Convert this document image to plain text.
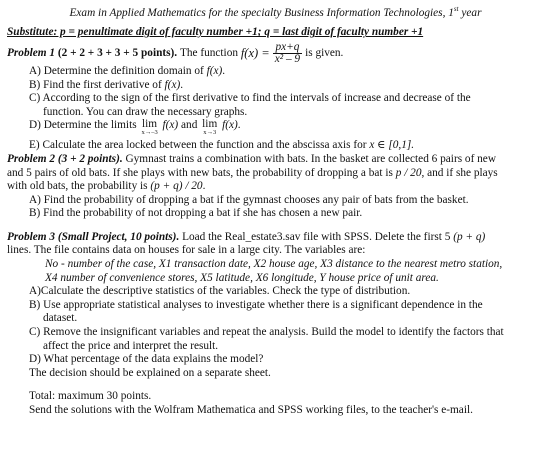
Exam in Applied Mathematics for the specialty Business Information Technologies, 1st year
Substitute: p = penultimate digit of faculty number +1; q = last digit of faculty number +1
Problem 1
(2 + 2 + 3 + 3 + 5 points).
The function
$f(x) = \frac{px+q}{\text{x² – 9}}$ is given.
A) Determine the definition domain of f(x).
B) Find the first derivative of f(x).
C) According to the sign of the first derivative to find the intervals of increase and decrease of the
function. You can draw the necessary graphs.
D) Determine the limits lim
x→–3
f(x) and lim
x→3
f(x).
E) Calculate the area locked between the function and the abscissa axis for x ∈ [0,1].
Problem 2 (3 + 2 points). Gymnast trains a combination with bats. In the basket are collected 6 pairs of new
and 5 pairs of old bats. If she plays with new bats, the probability of dropping a bat is p / 20, and if she plays
with old bats, the probability is (p + q) / 20.
A) Find the probability of dropping a bat if the gymnast chooses any pair of bats from the basket.
B) Find the probability of not dropping a bat if she has chosen a new pair.
Problem 3 (Small Project, 10 points). Load the Real_estate3.sav file with SPSS. Delete the first 5 (p + q)
lines. The file contains data on houses for sale in a large city. The variables are:
No - number of the case, X1 transaction date, X2 house age, X3 distance to the nearest metro station,
X4 number of convenience stores, X5 latitude, X6 longitude, Y house price of unit area.
A)Calculate the descriptive statistics of the variables. Check the type of distribution.
B) Use appropriate statistical analyses to investigate whether there is a significant dependence in the
dataset.
C) Remove the insignificant variables and repeat the analysis. Build the model to identify the factors that
affect the price and interpret the result.
D) What percentage of the data explains the model?
The decision should be explained on a separate sheet.
Total: maximum 30 points.
Send the solutions with the Wolfram Mathematica and SPSS working files, to the teacher's e-mail.
